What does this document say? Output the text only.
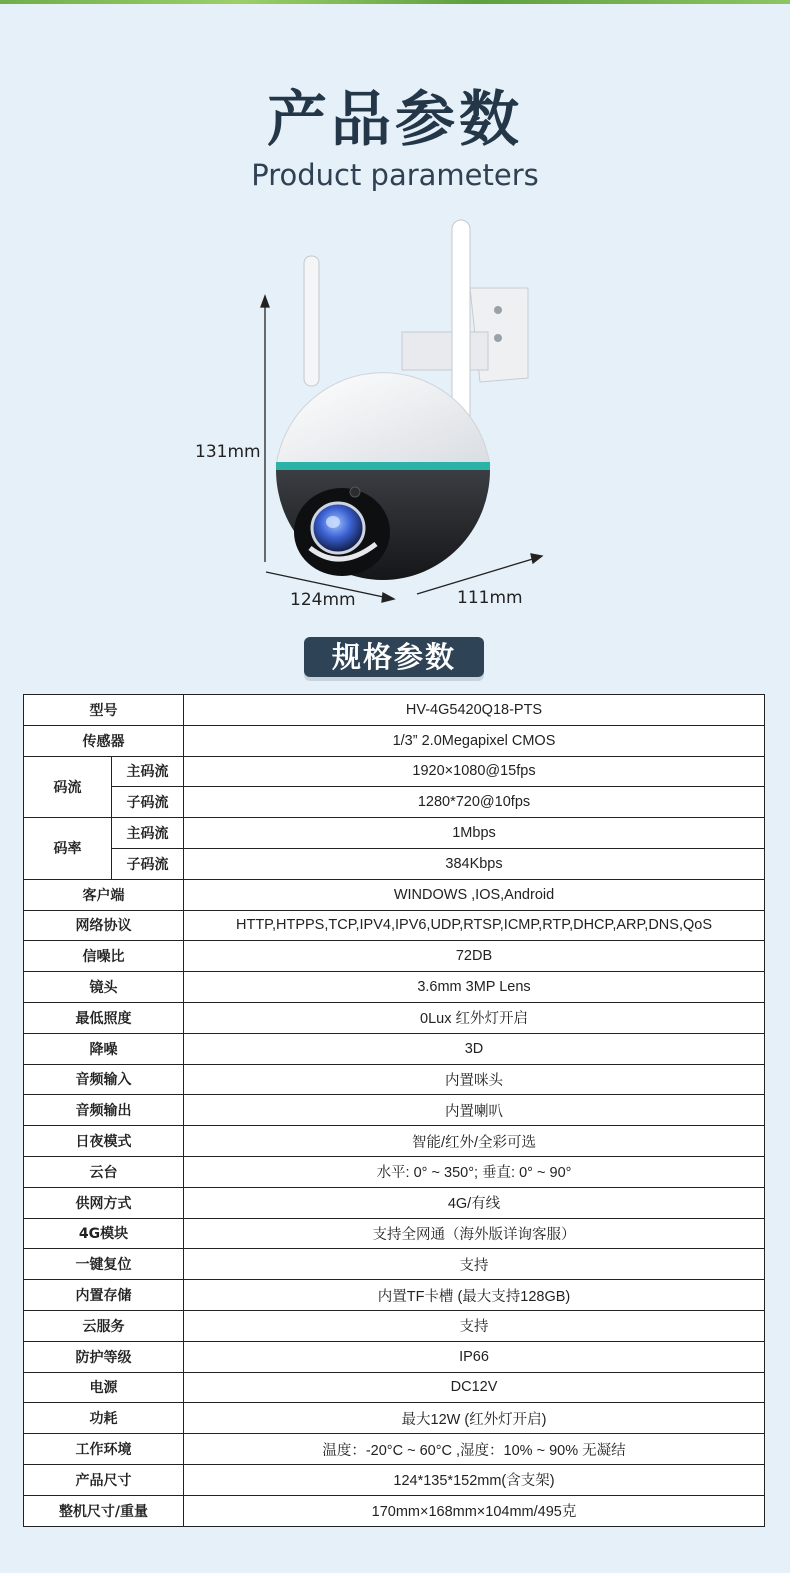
产品参数
Product parameters
131mm
124mm	111mm
规格参数
型号		HV-4G5420Q18-PTS
传感器		1/3” 2.0Megapixel CMOS
码流	主码流	1920×1080@15fps
	子码流	1280*720@10fps
码率	主码流	1Mbps
	子码流	384Kbps
客户端		WINDOWS ,IOS,Android
网络协议		HTTP,HTPPS,TCP,IPV4,IPV6,UDP,RTSP,ICMP,RTP,DHCP,ARP,DNS,QoS
信噪比		72DB
镜头		3.6mm 3MP Lens
最低照度		0Lux 红外灯开启
降噪		3D
音频输入		内置咪头
音频输出		内置喇叭
日夜模式		智能/红外/全彩可选
云台		水平: 0° ~ 350°; 垂直: 0° ~ 90°
供网方式		4G/有线
4G模块		支持全网通（海外版详询客服）
一键复位		支持
内置存储		内置TF卡槽 (最大支持128GB)
云服务		支持
防护等级		IP66
电源		DC12V
功耗		最大12W (红外灯开启)
工作环境		温度：-20°C ~ 60°C ,湿度：10% ~ 90% 无凝结
产品尺寸		124*135*152mm(含支架)
整机尺寸/重量		170mm×168mm×104mm/495克
